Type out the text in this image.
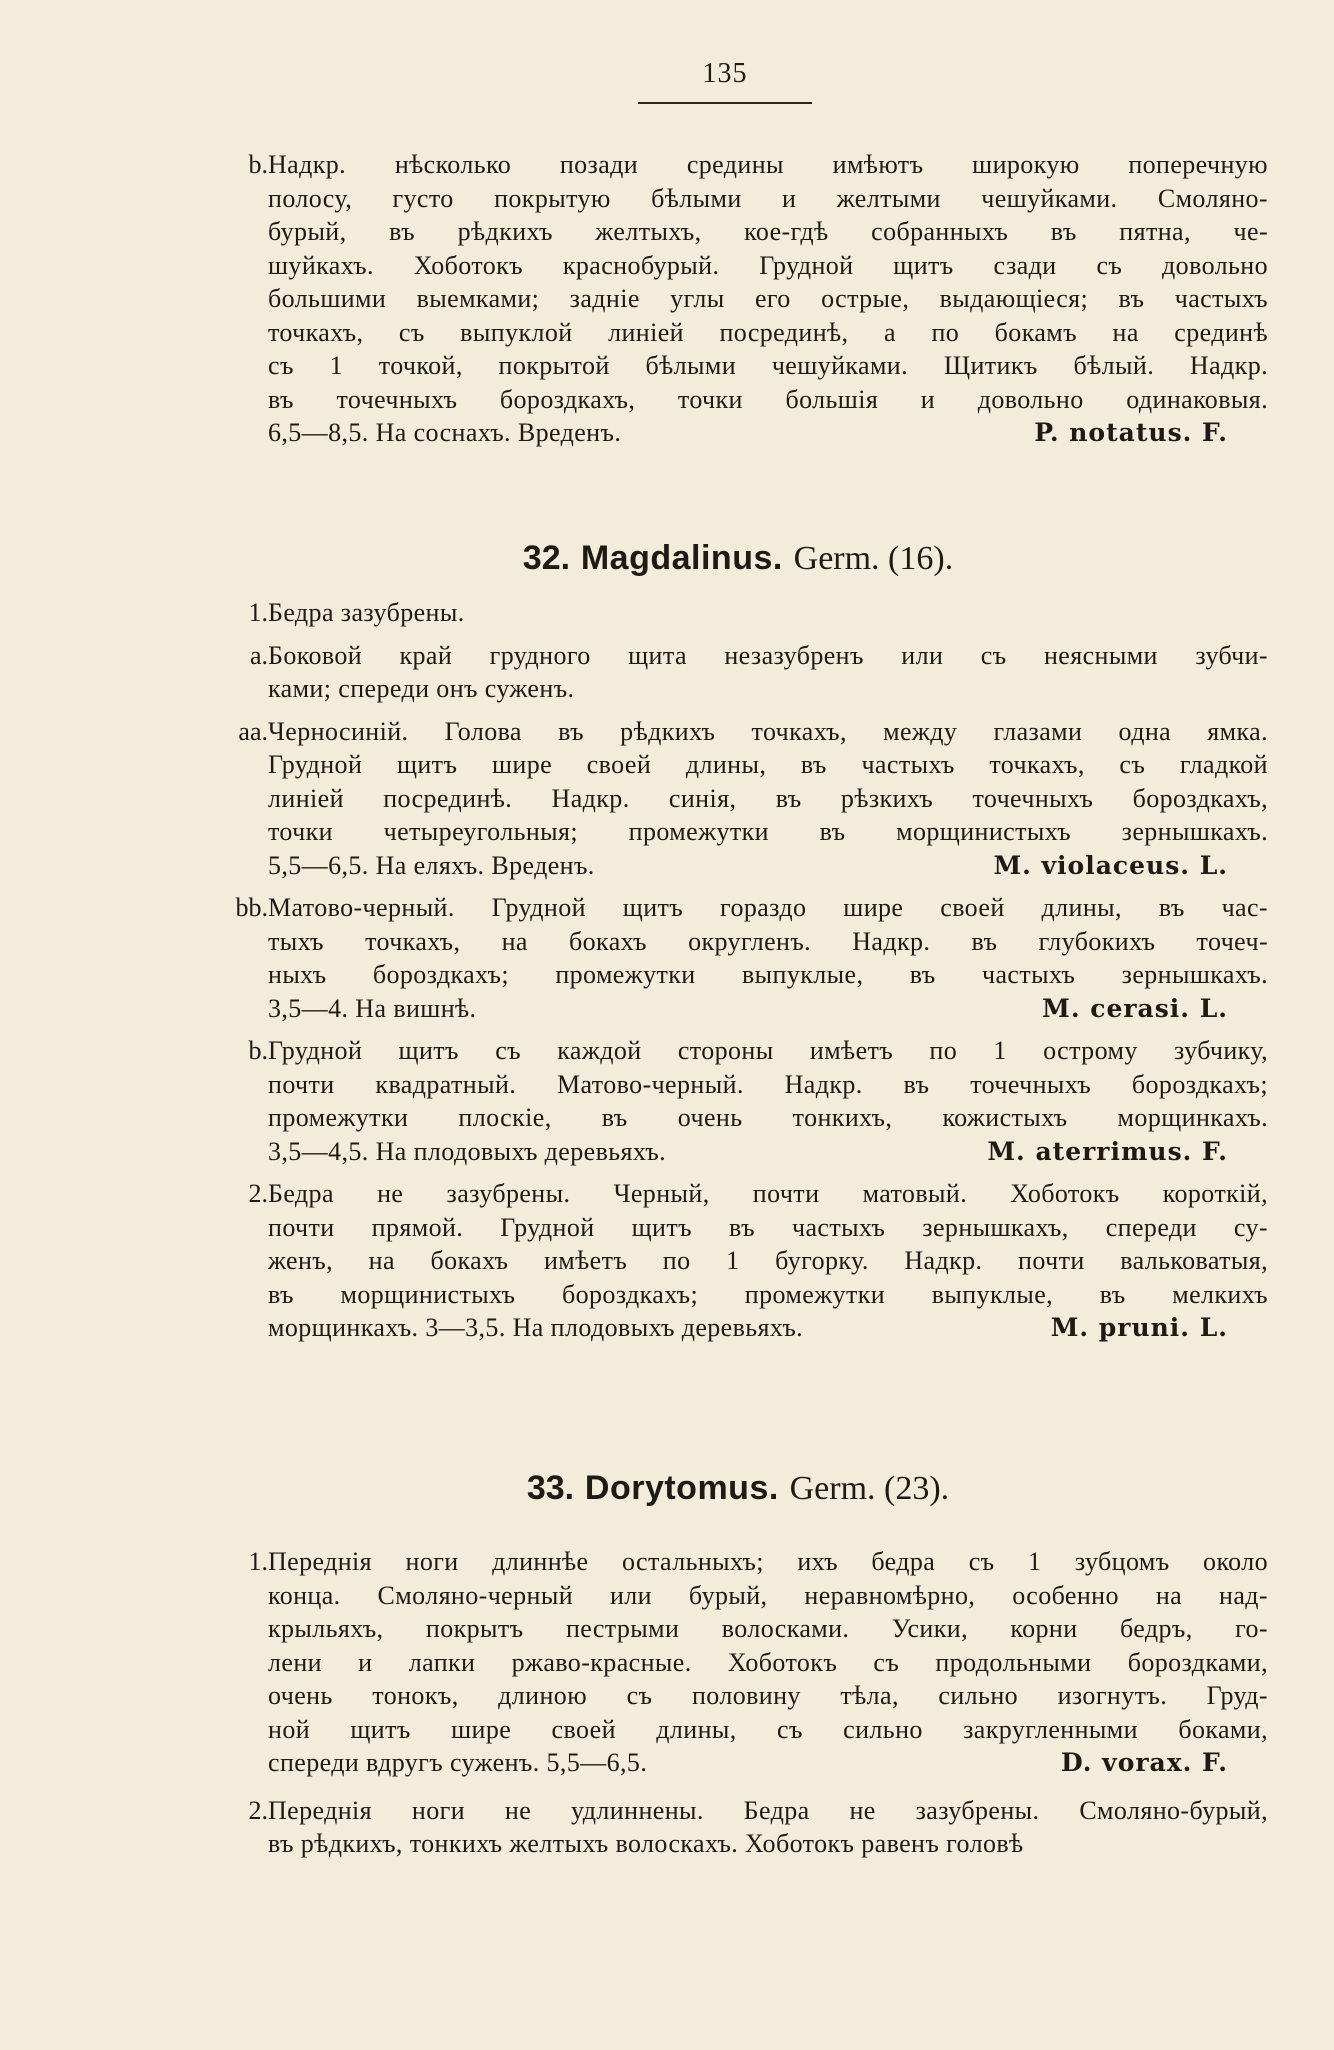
135
b. Надкр. нѣсколько позади средины имѣютъ широкую поперечную
полосу, густо покрытую бѣлыми и желтыми чешуйками. Смоляно-
бурый, въ рѣдкихъ желтыхъ, кое-гдѣ собранныхъ въ пятна, че-
шуйкахъ. Хоботокъ краснобурый. Грудной щитъ сзади съ довольно
большими выемками; заднiе углы его острые, выдающiеся; въ частыхъ
точкахъ, съ выпуклой линiей посрединѣ, а по бокамъ на срединѣ
съ 1 точкой, покрытой бѣлыми чешуйками. Щитикъ бѣлый. Надкр.
въ точечныхъ бороздкахъ, точки большiя и довольно одинаковыя.
6,5—8,5. На соснахъ. Вреденъ.	P. notatus. F.
32. Magdalinus. Germ. (16).
1. Бедра зазубрены.
a. Боковой край грудного щита незазубренъ или съ неясными зубчи-
ками; спереди онъ суженъ.
aa. Черносинiй. Голова въ рѣдкихъ точкахъ, между глазами одна ямка.
Грудной щитъ шире своей длины, въ частыхъ точкахъ, съ гладкой
линiей посрединѣ. Надкр. синiя, въ рѣзкихъ точечныхъ бороздкахъ,
точки четыреугольныя; промежутки въ морщинистыхъ зернышкахъ.
5,5—6,5. На еляхъ. Вреденъ.	M. violaceus. L.
bb. Матово-черный. Грудной щитъ гораздо шире своей длины, въ час-
тыхъ точкахъ, на бокахъ округленъ. Надкр. въ глубокихъ точеч-
ныхъ бороздкахъ; промежутки выпуклые, въ частыхъ зернышкахъ.
3,5—4. На вишнѣ.	M. cerasi. L.
b. Грудной щитъ съ каждой стороны имѣетъ по 1 острому зубчику,
почти квадратный. Матово-черный. Надкр. въ точечныхъ бороздкахъ;
промежутки плоскiе, въ очень тонкихъ, кожистыхъ морщинкахъ.
3,5—4,5. На плодовыхъ деревьяхъ.	M. aterrimus. F.
2. Бедра не зазубрены. Черный, почти матовый. Хоботокъ короткiй,
почти прямой. Грудной щитъ въ частыхъ зернышкахъ, спереди су-
женъ, на бокахъ имѣетъ по 1 бугорку. Надкр. почти вальковатыя,
въ морщинистыхъ бороздкахъ; промежутки выпуклые, въ мелкихъ
морщинкахъ. 3—3,5. На плодовыхъ деревьяхъ.	M. pruni. L.
33. Dorytomus. Germ. (23).
1. Переднiя ноги длиннѣе остальныхъ; ихъ бедра съ 1 зубцомъ около
конца. Смоляно-черный или бурый, неравномѣрно, особенно на над-
крыльяхъ, покрытъ пестрыми волосками. Усики, корни бедръ, го-
лени и лапки ржаво-красные. Хоботокъ съ продольными бороздками,
очень тонокъ, длиною съ половину тѣла, сильно изогнутъ. Груд-
ной щитъ шире своей длины, съ сильно закругленными боками,
спереди вдругъ суженъ. 5,5—6,5.	D. vorax. F.
2. Переднiя ноги не удлиннены. Бедра не зазубрены. Смоляно-бурый,
въ рѣдкихъ, тонкихъ желтыхъ волоскахъ. Хоботокъ равенъ головѣ
